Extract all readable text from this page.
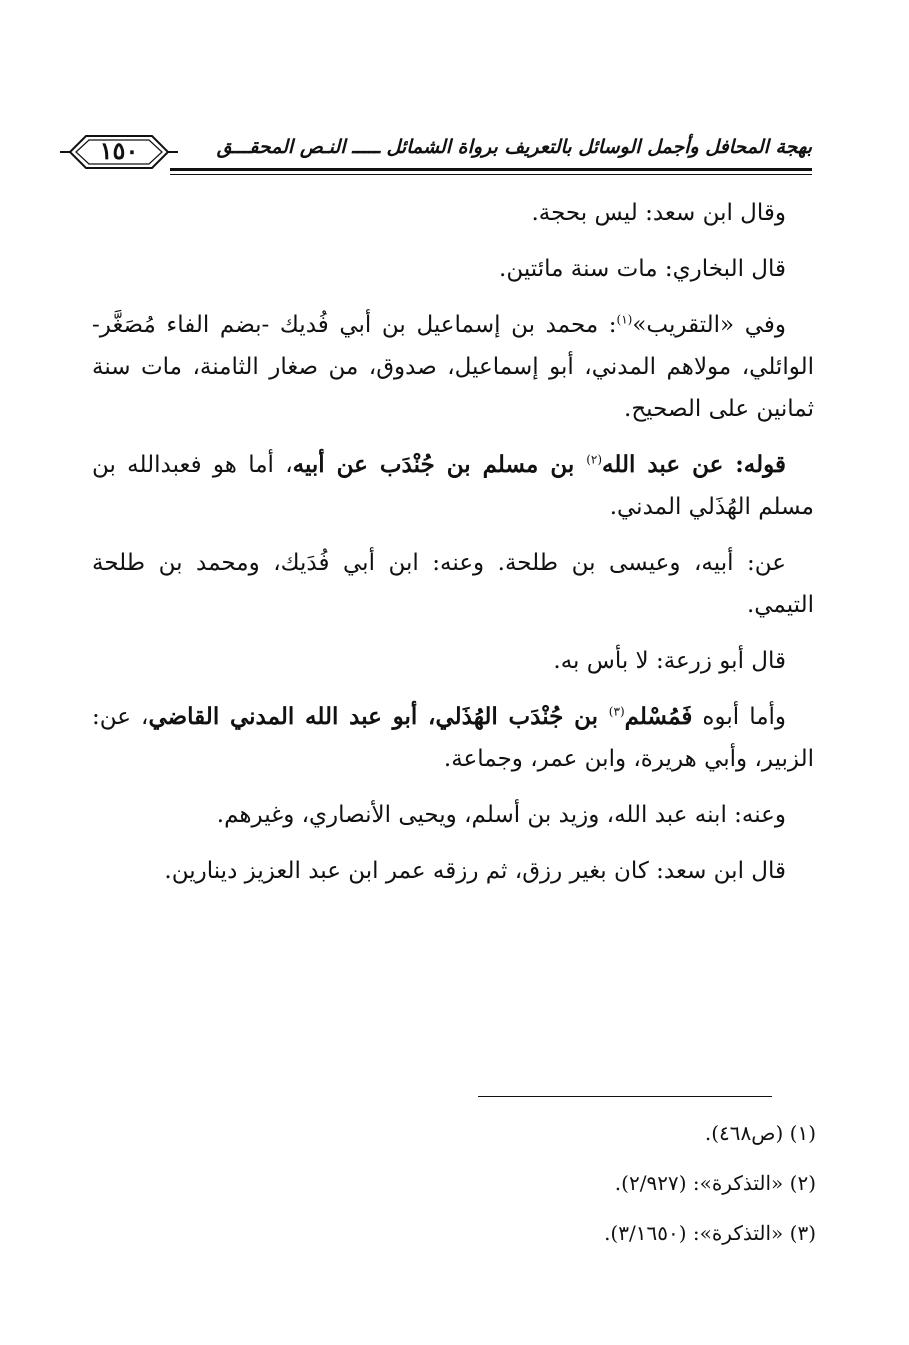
١٥٠	بهجة المحافل وأجمل الوسائل بالتعريف برواة الشمائل ـــــ النـص المحقـــق

وقال ابن سعد: ليس بحجة.

قال البخاري: مات سنة مائتين.

وفي «التقريب»$^{(١)}$: محمد بن إسماعيل بن أبي فُديك -بضم الفاء مُصَغَّر- الوائلي، مولاهم المدني، أبو إسماعيل، صدوق، من صغار الثامنة، مات سنة ثمانين على الصحيح.

قوله: عن عبد الله$^{(٢)}$ بن مسلم بن جُنْدَب عن أبيه، أما هو فعبدالله بن مسلم الهُذَلي المدني.

عن: أبيه، وعيسى بن طلحة. وعنه: ابن أبي فُدَيك، ومحمد بن طلحة التيمي.

قال أبو زرعة: لا بأس به.

وأما أبوه فَمُسْلم$^{(٣)}$ بن جُنْدَب الهُذَلي، أبو عبد الله المدني القاضي، عن: الزبير، وأبي هريرة، وابن عمر، وجماعة.

وعنه: ابنه عبد الله، وزيد بن أسلم، ويحيى الأنصاري، وغيرهم.

قال ابن سعد: كان بغير رزق، ثم رزقه عمر ابن عبد العزيز دينارين.

(١) (ص٤٦٨).

(٢) «التذكرة»: (٢/٩٢٧).

(٣) «التذكرة»: (٣/١٦٥٠).
